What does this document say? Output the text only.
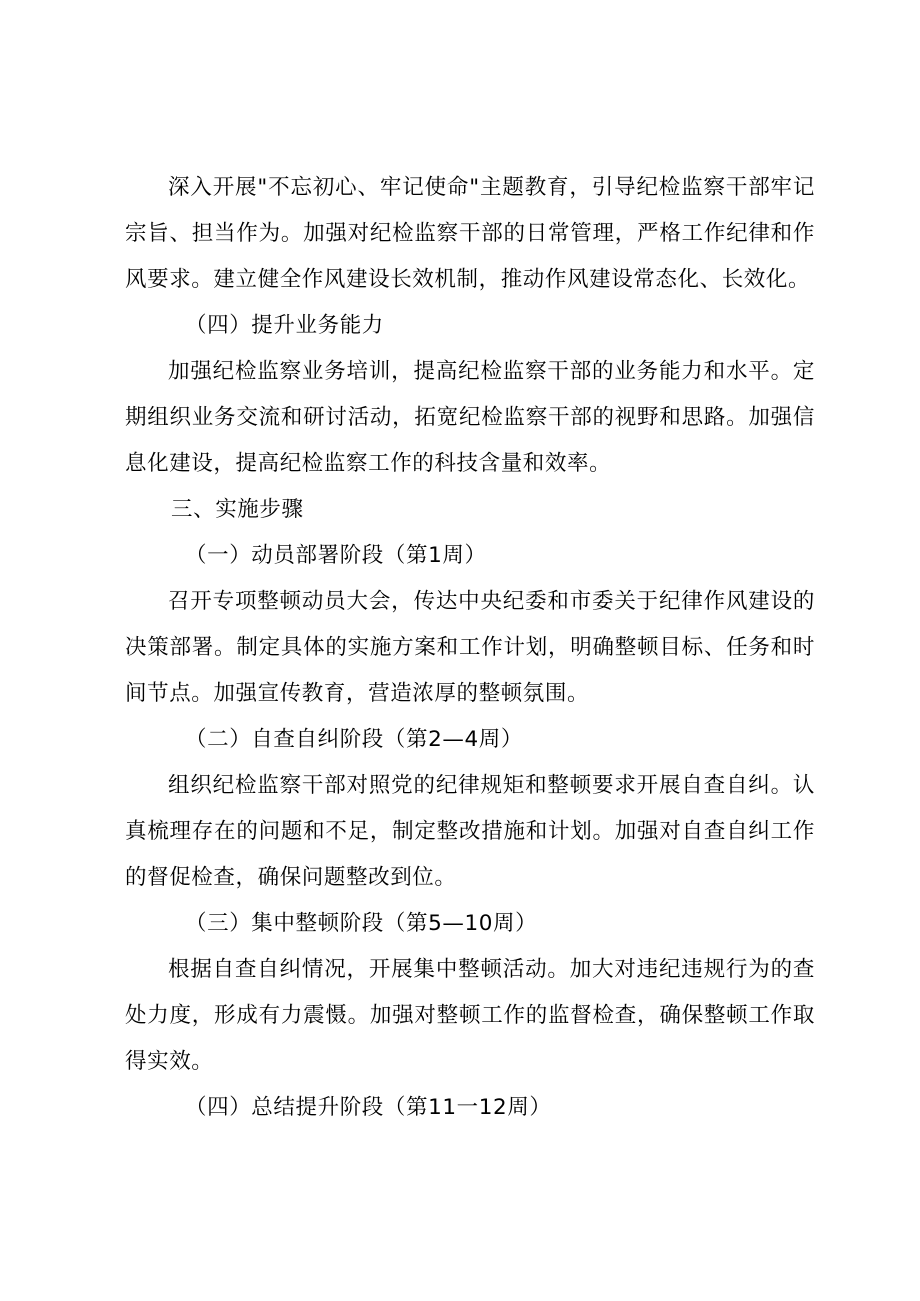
深入开展"不忘初心、牢记使命"主题教育，引导纪检监察干部牢记宗旨、担当作为。加强对纪检监察干部的日常管理，严格工作纪律和作风要求。建立健全作风建设长效机制，推动作风建设常态化、长效化。

（四）提升业务能力

加强纪检监察业务培训，提高纪检监察干部的业务能力和水平。定期组织业务交流和研讨活动，拓宽纪检监察干部的视野和思路。加强信息化建设，提高纪检监察工作的科技含量和效率。

三、实施步骤

（一）动员部署阶段（第1周）

召开专项整顿动员大会，传达中央纪委和市委关于纪律作风建设的决策部署。制定具体的实施方案和工作计划，明确整顿目标、任务和时间节点。加强宣传教育，营造浓厚的整顿氛围。

（二）自查自纠阶段（第2—4周）

组织纪检监察干部对照党的纪律规矩和整顿要求开展自查自纠。认真梳理存在的问题和不足，制定整改措施和计划。加强对自查自纠工作的督促检查，确保问题整改到位。

（三）集中整顿阶段（第5—10周）

根据自查自纠情况，开展集中整顿活动。加大对违纪违规行为的查处力度，形成有力震慑。加强对整顿工作的监督检查，确保整顿工作取得实效。

（四）总结提升阶段（第11一12周）
